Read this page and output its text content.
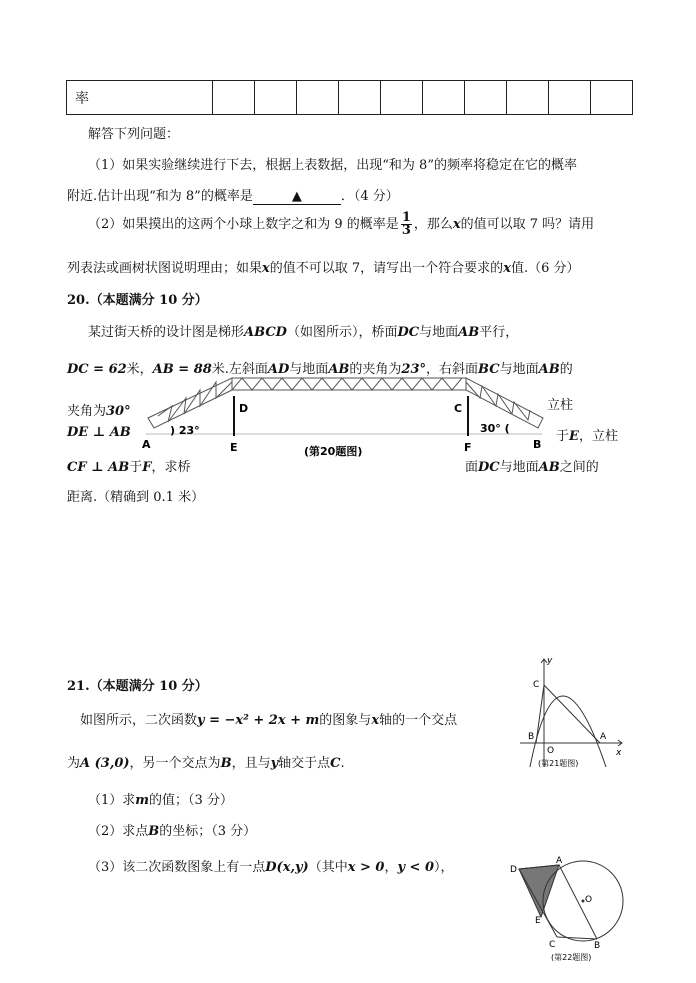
率										
解答下列问题：
（1）如果实验继续进行下去，根据上表数据，出现“和为 8”的频率将稳定在它的概率
附近.估计出现“和为 8”的概率是	▲	．（4 分）
（2）如果摸出的这两个小球上数字之和为 9 的概率是 $\frac{1}{3}$ ，那么x的值可以取 7 吗？请用
列表法或画树状图说明理由；如果x的值不可以取 7，请写出一个符合要求的x值.（6 分）
20.（本题满分 10 分）
某过街天桥的设计图是梯形ABCD（如图所示），桥面DC与地面AB平行，
DC = 62米，AB = 88米.左斜面AD与地面AB的夹角为23°，右斜面BC与地面AB的
夹角为30°	立柱
DE ⊥ AB	于E，立柱
CF ⊥ AB于F，求桥	面DC与地面AB之间的
距离.（精确到 0.1 米）
D	C
A	B
E	F
) 23°	30° (
(第20题图)
21.（本题满分 10 分）
如图所示，二次函数y = −x² + 2x + m的图象与x轴的一个交点
为A (3,0)，另一个交点为B，且与y轴交于点C.
（1）求m的值；（3 分）
（2）求点B的坐标；（3 分）
（3）该二次函数图象上有一点D(x,y)（其中x > 0，y < 0），
y
x
C
B
O
A
(第21题图)
D
A
O
E
C	B
(第22题图)
